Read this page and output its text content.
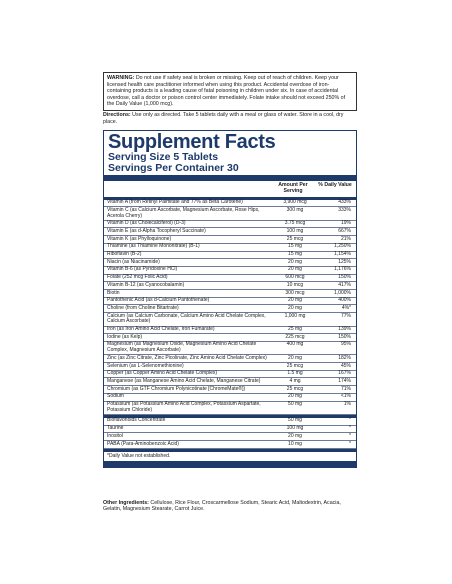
WARNING: Do not use if safety seal is broken or missing. Keep out of reach of children. Keep your licensed health care practitioner informed when using this product. Accidental overdose of iron-containing products is a leading cause of fatal poisoning in children under six. In case of accidental overdose, call a doctor or poison control center immediately. Folate intake should not exceed 250% of the Daily Value (1,000 mcg).
Directions: Use only as directed. Take 5 tablets daily with a meal or glass of water. Store in a cool, dry place.
Supplement Facts
Serving Size 5 Tablets
Servings Per Container 30
Amount Per Serving
% Daily Value
Vitamin A (from Retinyl Palmitate and 77% as Beta Carotene)	3,900 mcg	433%
Vitamin C (as Calcium Ascorbate, Magnesium Ascorbate, Rose Hips, Acerola Cherry)
300 mg	333%
Vitamin D (as Cholecalciferol) (D-3)	3.75 mcg	19%
Vitamin E (as d-Alpha Tocopheryl Succinate)	100 mg	667%
Vitamin K (as Phylloquinone)	25 mcg	21%
Thiamine (as Thiamine Mononitrate) (B-1)	15 mg	1,250%
Riboflavin (B-2)	15 mg	1,154%
Niacin (as Niacinamide)	20 mg	125%
Vitamin B-6 (as Pyridoxine HCl)	20 mg	1,176%
Folate (252 mcg Folic Acid)	600 mcg	150%
Vitamin B-12 (as Cyanocobalamin)	10 mcg	417%
Biotin	300 mcg	1,000%
Pantothenic Acid (as d-Calcium Pantothenate)	20 mg	400%
Choline (from Choline Bitartrate)	20 mg	4%*
Calcium (as Calcium Carbonate, Calcium Amino Acid Chelate Complex, Calcium Ascorbate)
1,000 mg	77%
Iron (as Iron Amino Acid Chelate, Iron Fumarate)	25 mg	139%
Iodine (as Kelp)	225 mcg	150%
Magnesium (as Magnesium Oxide, Magnesium Amino Acid Chelate Complex, Magnesium Ascorbate)
400 mg	95%
Zinc (as Zinc Citrate, Zinc Picolinate, Zinc Amino Acid Chelate Complex)	20 mg	182%
Selenium (as L-Selenomethionine)	25 mcg	45%
Copper (as Copper Amino Acid Chelate Complex)	1.5 mg	167%
Manganese (as Manganese Amino Acid Chelate, Manganese Citrate)	4 mg	174%
Chromium (as GTF Chromium Polynicotinate [ChromeMate®])	25 mcg	71%
Sodium	20 mg	<1%
Potassium (as Potassium Amino Acid Complex, Potassium Aspartate, Potassium Chloride)
50 mg	1%
Bioflavonoids Concentrate	50 mg	*
Taurine	100 mg	*
Inositol	20 mg	*
PABA (Para-Aminobenzoic Acid)	10 mg	*
*Daily Value not established.
Other Ingredients: Cellulose, Rice Flour, Croscarmellose Sodium, Stearic Acid, Maltodextrin, Acacia, Gelatin, Magnesium Stearate, Carrot Juice.
